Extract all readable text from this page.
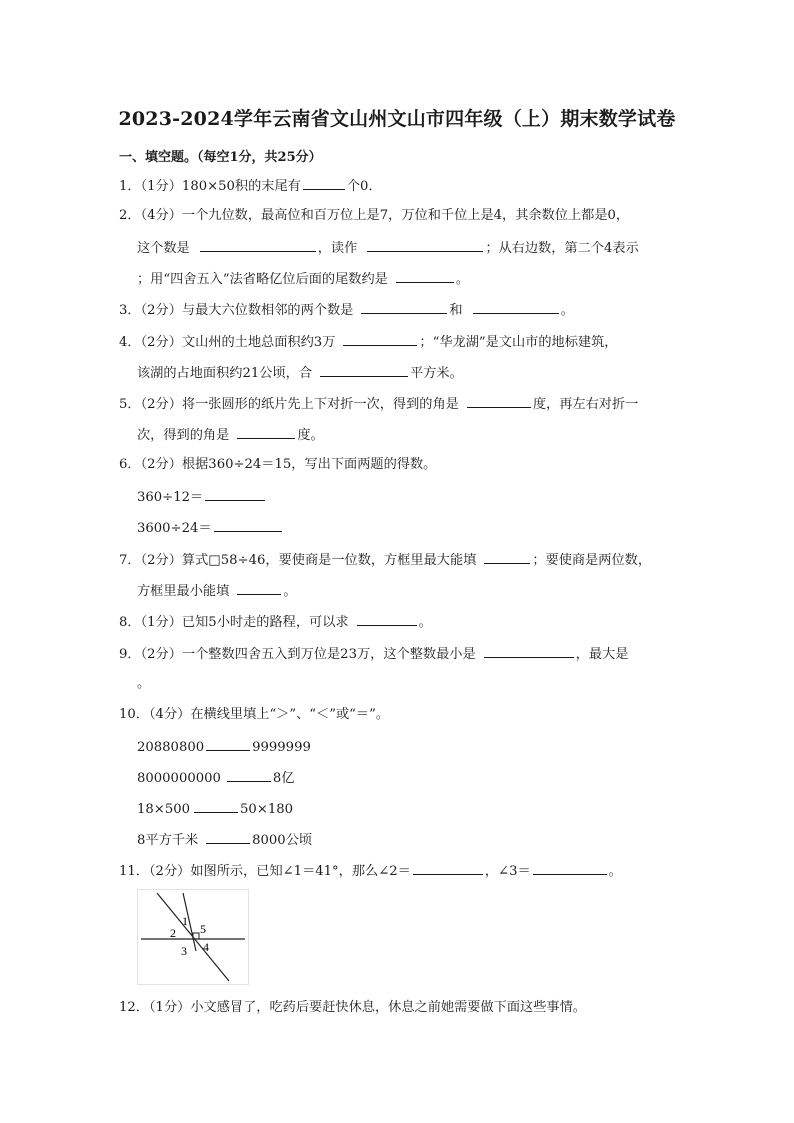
2023-2024学年云南省文山州文山市四年级（上）期末数学试卷
一、填空题。（每空1分，共25分）
1．（1分）180×50积的末尾有	个0．
2．（4分）一个九位数，最高位和百万位上是7，万位和千位上是4，其余数位上都是0，
这个数是	，读作	；从右边数，第二个4表示
；用“四舍五入”法省略亿位后面的尾数约是	。
3．（2分）与最大六位数相邻的两个数是	和	。
4．（2分）文山州的土地总面积约3万	；“华龙湖”是文山市的地标建筑，
该湖的占地面积约21公顷，合	平方米。
5．（2分）将一张圆形的纸片先上下对折一次，得到的角是	度，再左右对折一
次，得到的角是	度。
6．（2分）根据360÷24＝15，写出下面两题的得数。
360÷12＝
3600÷24＝
7．（2分）算式□58÷46，要使商是一位数，方框里最大能填	；要使商是两位数，
方框里最小能填	。
8．（1分）已知5小时走的路程，可以求	。
9．（2分）一个整数四舍五入到万位是23万，这个整数最小是	，最大是
。
10．（4分）在横线里填上“＞”、“＜”或“＝”。
20880800	9999999
8000000000	8亿
18×500	50×180
8平方千米	8000公顷
11．（2分）如图所示，已知∠1＝41°，那么∠2＝	，∠3＝	。
1
2 5
3 4
12．（1分）小文感冒了，吃药后要赶快休息，休息之前她需要做下面这些事情。
